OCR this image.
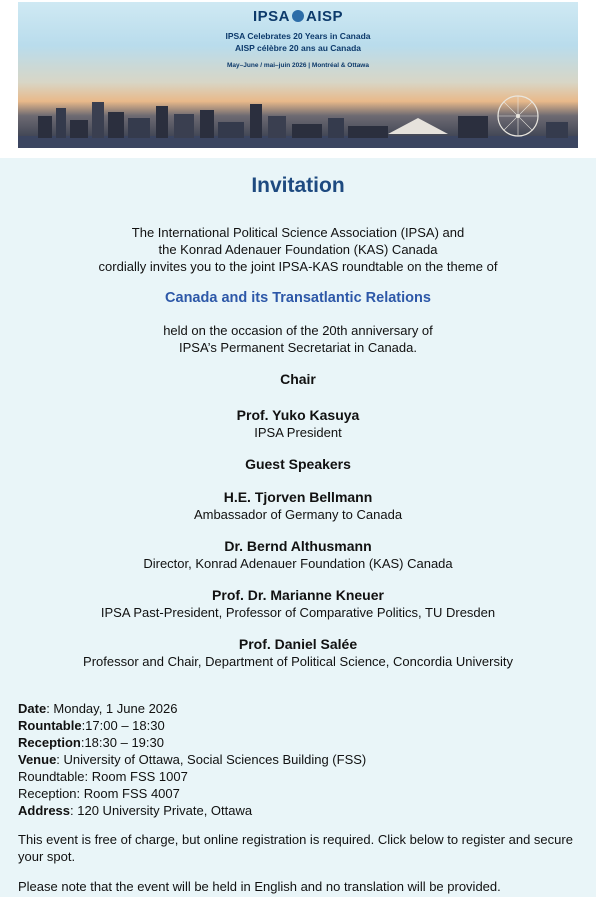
IPSA AISP
IPSA Celebrates 20 Years in Canada
AISP célèbre 20 ans au Canada
May–June / mai–juin 2026 | Montréal & Ottawa
Invitation
The International Political Science Association (IPSA) and
the Konrad Adenauer Foundation (KAS) Canada
cordially invites you to the joint IPSA-KAS roundtable on the theme of
Canada and its Transatlantic Relations
held on the occasion of the 20th anniversary of
IPSA’s Permanent Secretariat in Canada.
Chair
Prof. Yuko Kasuya
IPSA President
Guest Speakers
H.E. Tjorven Bellmann
Ambassador of Germany to Canada
Dr. Bernd Althusmann
Director, Konrad Adenauer Foundation (KAS) Canada
Prof. Dr. Marianne Kneuer
IPSA Past-President, Professor of Comparative Politics, TU Dresden
Prof. Daniel Salée
Professor and Chair, Department of Political Science, Concordia University
Date: Monday, 1 June 2026
Rountable:17:00 – 18:30
Reception:18:30 – 19:30
Venue: University of Ottawa, Social Sciences Building (FSS)
Roundtable: Room FSS 1007
Reception: Room FSS 4007
Address: 120 University Private, Ottawa
This event is free of charge, but online registration is required. Click below to register and secure your spot.
Please note that the event will be held in English and no translation will be provided.
